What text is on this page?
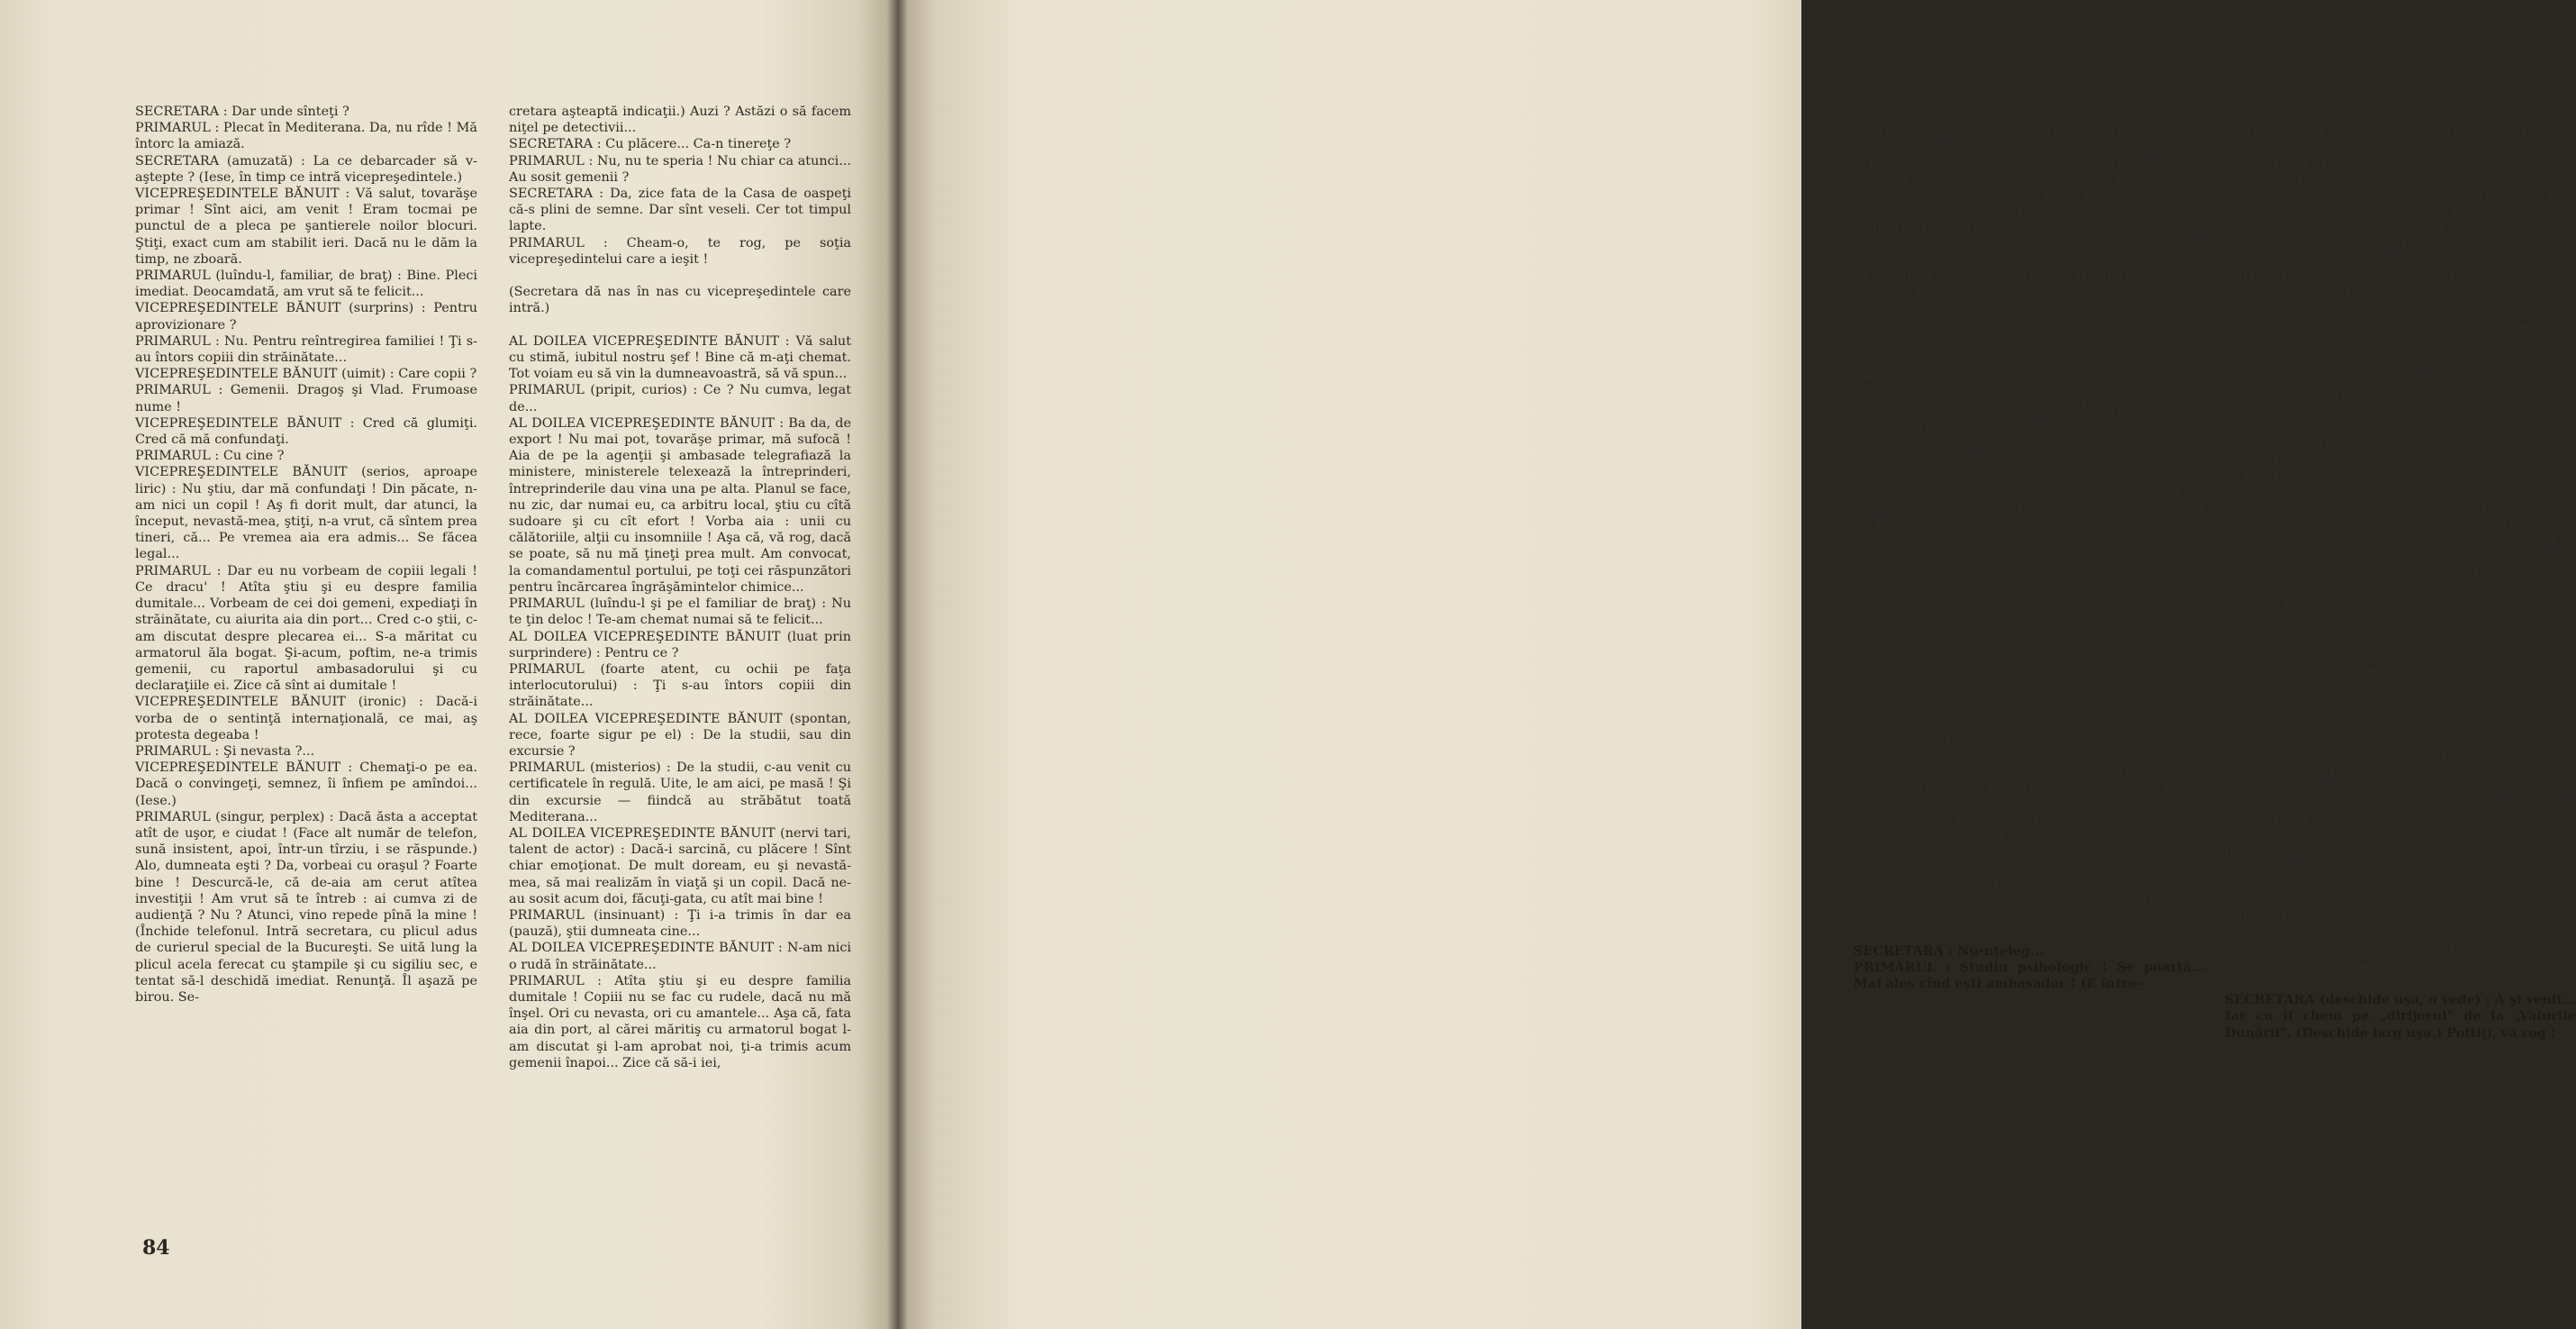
SECRETARA : Dar unde sînteţi ?
PRIMARUL : Plecat în Mediterana. Da, nu rîde ! Mă întorc la amiază.
SECRETARA (amuzată) : La ce debarcader să v-aştepte ? (Iese, în timp ce intră vicepreşedintele.)
VICEPREŞEDINTELE BĂNUIT : Vă salut, tovarăşe primar ! Sînt aici, am venit ! Eram tocmai pe punctul de a pleca pe şantierele noilor blocuri. Ştiţi, exact cum am stabilit ieri. Dacă nu le dăm la timp, ne zboară.
PRIMARUL (luîndu-l, familiar, de braţ) : Bine. Pleci imediat. Deocamdată, am vrut să te felicit...
VICEPREŞEDINTELE BĂNUIT (surprins) : Pentru aprovizionare ?
PRIMARUL : Nu. Pentru reîntregirea familiei ! Ţi s-au întors copiii din străinătate...
VICEPREŞEDINTELE BĂNUIT (uimit) : Care copii ?
PRIMARUL : Gemenii. Dragoş şi Vlad. Frumoase nume !
VICEPREŞEDINTELE BĂNUIT : Cred că glumiţi. Cred că mă confundaţi.
PRIMARUL : Cu cine ?
VICEPREŞEDINTELE BĂNUIT (serios, aproape liric) : Nu ştiu, dar mă confundaţi ! Din păcate, n-am nici un copil ! Aş fi dorit mult, dar atunci, la început, nevastă-mea, ştiţi, n-a vrut, că sîntem prea tineri, că... Pe vremea aia era admis... Se făcea legal...
PRIMARUL : Dar eu nu vorbeam de copiii legali ! Ce dracu' ! Atîta ştiu şi eu despre familia dumitale... Vorbeam de cei doi gemeni, expediaţi în străinătate, cu aiurita aia din port... Cred c-o ştii, c-am discutat despre plecarea ei... S-a măritat cu armatorul ăla bogat. Şi-acum, poftim, ne-a trimis gemenii, cu raportul ambasadorului şi cu declaraţiile ei. Zice că sînt ai dumitale !
VICEPREŞEDINTELE BĂNUIT (ironic) : Dacă-i vorba de o sentinţă internaţională, ce mai, aş protesta degeaba !
PRIMARUL : Şi nevasta ?...
VICEPREŞEDINTELE BĂNUIT : Chemaţi-o pe ea. Dacă o convingeţi, semnez, îi înfiem pe amîndoi... (Iese.)
PRIMARUL (singur, perplex) : Dacă ăsta a acceptat atît de uşor, e ciudat ! (Face alt număr de telefon, sună insistent, apoi, într-un tîrziu, i se răspunde.) Alo, dumneata eşti ? Da, vorbeai cu oraşul ? Foarte bine ! Descurcă-le, că de-aia am cerut atîtea investiţii ! Am vrut să te întreb : ai cumva zi de audienţă ? Nu ? Atunci, vino repede pînă la mine ! (Închide telefonul. Intră secretara, cu plicul adus de curierul special de la Bucureşti. Se uită lung la plicul acela ferecat cu ştampile şi cu sigiliu sec, e tentat să-l deschidă imediat. Renunţă. Îl aşază pe birou. Se-
cretara aşteaptă indicaţii.) Auzi ? Astăzi o să facem niţel pe detectivii...
SECRETARA : Cu plăcere... Ca-n tinereţe ?
PRIMARUL : Nu, nu te speria ! Nu chiar ca atunci... Au sosit gemenii ?
SECRETARA : Da, zice fata de la Casa de oaspeţi că-s plini de semne. Dar sînt veseli. Cer tot timpul lapte.
PRIMARUL : Cheam-o, te rog, pe soţia vicepreşedintelui care a ieşit !

(Secretara dă nas în nas cu vicepreşedintele care intră.)

AL DOILEA VICEPREŞEDINTE BĂNUIT : Vă salut cu stimă, iubitul nostru şef ! Bine că m-aţi chemat. Tot voiam eu să vin la dumneavoastră, să vă spun...
PRIMARUL (pripit, curios) : Ce ? Nu cumva, legat de...
AL DOILEA VICEPREŞEDINTE BĂNUIT : Ba da, de export ! Nu mai pot, tovarăşe primar, mă sufocă ! Aia de pe la agenţii şi ambasade telegrafiază la ministere, ministerele telexează la întreprinderi, întreprinderile dau vina una pe alta. Planul se face, nu zic, dar numai eu, ca arbitru local, ştiu cu cîtă sudoare şi cu cît efort ! Vorba aia : unii cu călătoriile, alţii cu insomniile ! Aşa că, vă rog, dacă se poate, să nu mă ţineţi prea mult. Am convocat, la comandamentul portului, pe toţi cei răspunzători pentru încărcarea îngrăşămintelor chimice...
PRIMARUL (luîndu-l şi pe el familiar de braţ) : Nu te ţin deloc ! Te-am chemat numai să te felicit...
AL DOILEA VICEPREŞEDINTE BĂNUIT (luat prin surprindere) : Pentru ce ?
PRIMARUL (foarte atent, cu ochii pe faţa interlocutorului) : Ţi s-au întors copiii din străinătate...
AL DOILEA VICEPREŞEDINTE BĂNUIT (spontan, rece, foarte sigur pe el) : De la studii, sau din excursie ?
PRIMARUL (misterios) : De la studii, c-au venit cu certificatele în regulă. Uite, le am aici, pe masă ! Şi din excursie — fiindcă au străbătut toată Mediterana...
AL DOILEA VICEPREŞEDINTE BĂNUIT (nervi tari, talent de actor) : Dacă-i sarcină, cu plăcere ! Sînt chiar emoţionat. De mult doream, eu şi nevastă-mea, să mai realizăm în viaţă şi un copil. Dacă ne-au sosit acum doi, făcuţi-gata, cu atît mai bine !
PRIMARUL (insinuant) : Ţi i-a trimis în dar ea (pauză), ştii dumneata cine...
AL DOILEA VICEPREŞEDINTE BĂNUIT : N-am nici o rudă în străinătate...
PRIMARUL : Atîta ştiu şi eu despre familia dumitale ! Copiii nu se fac cu rudele, dacă nu mă înşel. Ori cu nevasta, ori cu amantele... Aşa că, fata aia din port, al cărei măritiş cu armatorul bogat l-am discutat şi l-am aprobat noi, ţi-a trimis acum gemenii înapoi... Zice că să-i iei,
84

să-i creşti, iar altă dată, dacă mai faci, să-i ţii acasă...
AL DOILEA VICEPREŞEDINTE BĂNUIT (nu se lasă intimidat) : Scumpul nostru şef, dacă povestea asta-i o farsă, e proastă ! Dacă e o hotărîre de sus, cu caracter internaţional, mă supun ! Eu ştiu, din practica exporturilor, că nu-i bine să afectezi interesele ţării, prestigiul socialismului...
PRIMARUL (jucat) : Eşti, ca întotdeauna, imbatabil ! Înainte de şedinţa aia din port, du-te şi-i vezi, totuşi, la Casa de oaspeţi. I-am instalat, deocamdată, acolo.
AL DOILEA VICEPREŞEDINTE BĂNUIT (feroce) : Cum ? Tîrfa aia, care făcea pe vişătoarea cu marinarii străini, acum ni-i trimite nouă, în chip de misionari apostolici ? Nu, zău, ştiţi că-mi plac bancurile, dar pe ăsta nu-l gust deloc !
PRIMARUL : Lasă tîrfa în pace ! Cît despre nevastă, dacă ţi-e frică, o chem eu, că tot n-am mai văzut-o de mult ! La revedere !
AL DOILEA VICEPREŞEDINTE BĂNUIT (rămîne, în sfîrşit, perplex, apoi se redresează repede, rîde în hohote şi iese) : Vă ţineţi de farse, ca de întîi april !
PRIMARUL (rămîne o clipă singur. Căldura creşte. Sirenele vapoarelor, tot mai dese. Dă drumul radioului. Muzică mediteraneeană. Desface, cu tot dichisul necesar, plicul ferecat. Scoate hîrtiile, dar nu le citeşte încă. Apoi se apropie cu vădit interes, chiar cu emoţie, de birou. Citeşte, cînd destins, amuzat, cînd cu concentrare maximă, foile pe care face semne, alternativ, cu un creion roşu şi cu unul albastru. Sonerie, intră secretara) : Ambasadorul, tot filozof a rămas ! Eu mă aşteptam la date concrete şi, cînd colo, el a trimis în ţară un fel de studiu despre „psihologia victimelor".
SECRETARA : Nu înţeleg...
PRIMARUL : Nici eu nu înţeleg. De ce, dom'le, le-o fi zicînd „victime", unor pramatii ca astea ?
SECRETARA (mai încurcată) : Tot nu-nţeleg...
PRIMARUL : Slab detectiv... Nici eu, Colombo, dar nici tu, Pip ! (Îl întrerupe zbîrnîitul telefonului.) Iar „guvernamentalul" ? (Ridică receptorul.) Cine ? Adjunctul de la chimie ? Alo, da, eu ! Noroc, tovarăşe Ionescu ! Da, se iau măsuri, fiţi convins, vicele meu e la comandament, în port... Sigur, fiţi convins ! Vă mulţumesc, la revedere ! (Închide.) Ăsta, tinerelul, ca şi „consilierul meu special", scurt pe doi, nu se prea încurcă în vorbe. Computer ! (Se întrerupe, ia din nou hîrtiile. Spicuieşte, cu voce tare.) Victima superficialităţii, a temperamentului... etc., etc., negustor de suflete etc., etc., călău în lacrimi etc., etc.

SECRETARA : Nu-nţeleg...
PRIMARUL : Studiu psihologic ! Se poartă... Mai ales cînd eşti ambasador ! (E între-

rupt iar de soneria telefonului.) Eram sigur ! Dacă secretara mea stă la taclale, trebuie să răspund singur la toate telefoanele.
SECRETARA (trece lîngă telefonul cu butoane complicate) : Da, eu, doamnă vice. (Acoperă pîlnia cu palma.) Vă roagă s-o primiţi urgent. (Primarul face din cap un semn aprobativ.) Da, tovarăşul vă primeşte, deşi este foarte ocupat azi... Are pe cineva important la el... Da, într-un sfert de oră ! Vă aşteptăm...
PRIMARUL (după un răstimp) : Uite ce-i, personaj important, bate te rog la maşină părţile astea subliniate cu roşu din declaraţiile femeii dispeţate, cum îi zice ambasadorul. Unde spune despre mine, c-am chemat-o, că i-am dat sfaturi bune, lasă-le naibii afară ! Transcrie, uite, întreg paragraful ăsta, care începe cu : „In România, eu am ţinut legătura de serviciu între port şi restaurantul «Valurile Dunării», unde directorul era bun prieten cu vicepreşedintele consiliului"... Dar numele ticălosului nu-l dă, aiurita !
SECRETARA : Bine, mă duc să bat... Dar Pip ce are de făcut ?
PRIMARUL : Uite, ne jucăm rolurile în felul următor : eu le primesc pe doamnele vice, iar tu îl chemi, în numele meu, pe directorul de la „Valurile Dunării". Îl ţii în anticameră, pînă la prînz. Spui că i-am cerut eu să scrie două referinţe despre cei doi vicepreşedinţi, de cînd îi cunoaşte, ce şi cum, după toate regulile... Îi sufli c-ai aflat de nişte decoraţii, de-o avansare, la judeţ, la Bucureşti, nu ştii exact unde... Să vedem pe cine laudă mai tare. Între timp, te interesezi, la telefon, în gura mare, de Dragoş şi Vlad. Te tînguieşti, din cînd în cînd : „Vai de biata mama lor !" Şi-apoi, c-un oftat şi mai adînc : „Dar şi mai vai de tatăl lor, dacă i se dă de urmă !" Pricepi ?
SECRETARA : Da. Dar de ce nu-l chemaţi dumneavoastră, să-l luaţi direct, să vă spună adevărul ?
PRIMARUL : Vezi, nu mă înţelegi ! Vreau să fiu şi eu o dată un bun psiholog, dacă nu un bun detectiv ! Pramatiile astea nu ne batjocoresc numai pe noi, batjocoresc ţara...
SECRETARA : Ei, nici chiar aşa, tovarăşe primar ! Ia mai daţi-i încolo de derbedei ! Dacă spune una că-i fată mare şi-şi dă poalele peste cap, nu ştiu pe unde, făcînd pe persecutata politică, n-o să mă înroşesc eu, aici, de neruşinarea ei ! Dacă o ţinem aşa, o să ne rîdă şi curcile...
PRIMARUL (surprins de această virulenţă nebănuită) : Ai dreptate ! Numai că, pînă află lumea că alea-s de-alea, le crede icoana Maicii Preacurate ! Ia vezi, n-a venit doamna vice ?

SECRETARA (deschide uşa, o vede) : A şi venit... Iar cu îl chem pe „dirijorul" de la „Valurile Dunării". (Deschide larg uşa.) Poftiţi, vă rog !

85
